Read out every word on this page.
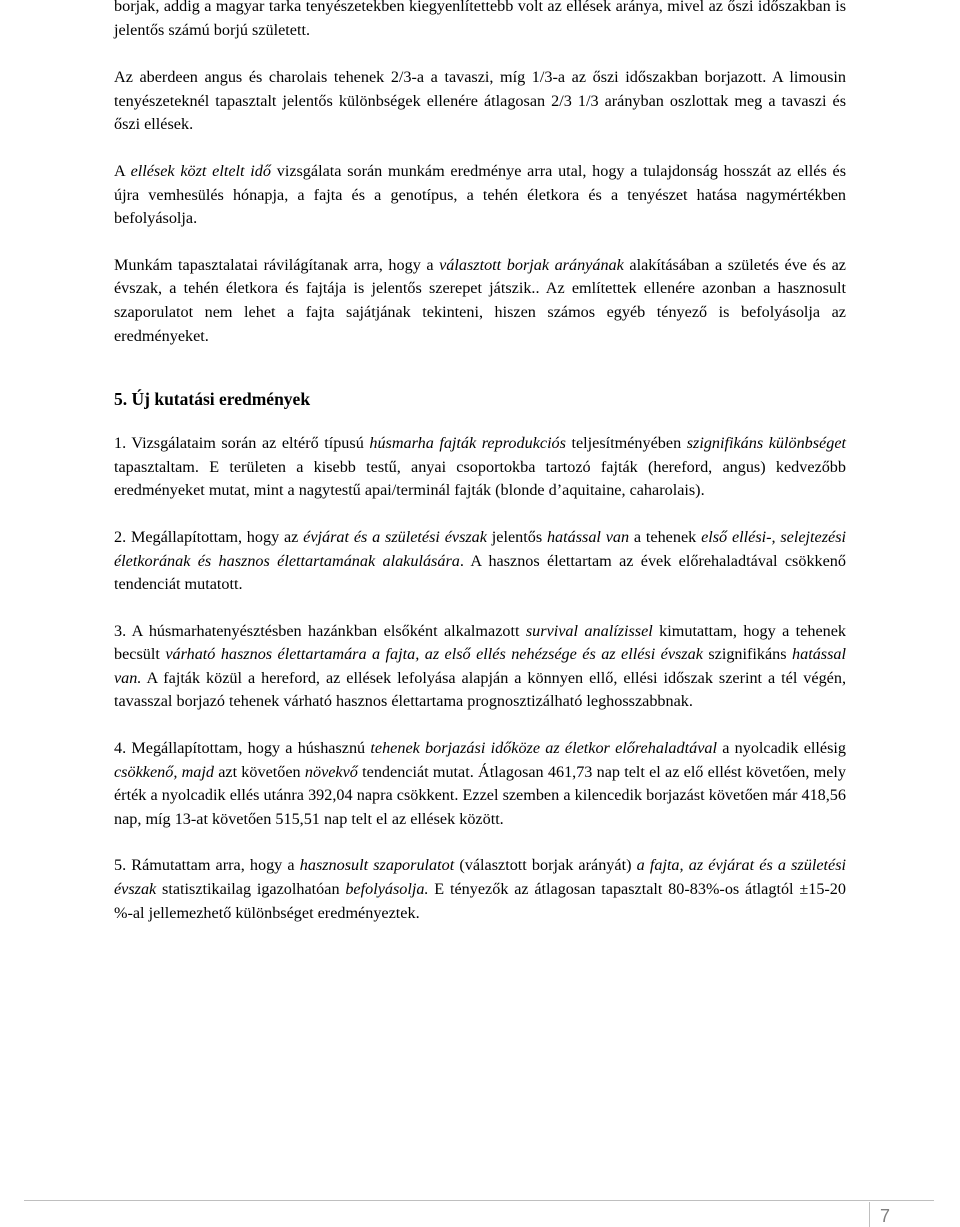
borjak, addig a magyar tarka tenyészetekben kiegyenlítettebb volt az ellések aránya, mivel az őszi időszakban is jelentős számú borjú született.

Az aberdeen angus és charolais tehenek 2/3-a a tavaszi, míg 1/3-a az őszi időszakban borjazott. A limousin tenyészeteknél tapasztalt jelentős különbségek ellenére átlagosan 2/3 1/3 arányban oszlottak meg a tavaszi és őszi ellések.

A ellések közt eltelt idő vizsgálata során munkám eredménye arra utal, hogy a tulajdonság hosszát az ellés és újra vemhesülés hónapja, a fajta és a genotípus, a tehén életkora és a tenyészet hatása nagymértékben befolyásolja.

Munkám tapasztalatai rávilágítanak arra, hogy a választott borjak arányának alakításában a születés éve és az évszak, a tehén életkora és fajtája is jelentős szerepet játszik.. Az említettek ellenére azonban a hasznosult szaporulatot nem lehet a fajta sajátjának tekinteni, hiszen számos egyéb tényező is befolyásolja az eredményeket.

5. Új kutatási eredmények

1. Vizsgálataim során az eltérő típusú húsmarha fajták reprodukciós teljesítményében szignifikáns különbséget tapasztaltam. E területen a kisebb testű, anyai csoportokba tartozó fajták (hereford, angus) kedvezőbb eredményeket mutat, mint a nagytestű apai/terminál fajták (blonde d’aquitaine, caharolais).

2. Megállapítottam, hogy az évjárat és a születési évszak jelentős hatással van a tehenek első ellési-, selejtezési életkorának és hasznos élettartamának alakulására. A hasznos élettartam az évek előrehaladtával csökkenő tendenciát mutatott.

3. A húsmarhatenyésztésben hazánkban elsőként alkalmazott survival analízissel kimutattam, hogy a tehenek becsült várható hasznos élettartamára a fajta, az első ellés nehézsége és az ellési évszak szignifikáns hatással van. A fajták közül a hereford, az ellések lefolyása alapján a könnyen ellő, ellési időszak szerint a tél végén, tavasszal borjazó tehenek várható hasznos élettartama prognosztizálható leghosszabbnak.

4. Megállapítottam, hogy a húshasznú tehenek borjazási időköze az életkor előrehaladtával a nyolcadik ellésig csökkenő, majd azt követően növekvő tendenciát mutat. Átlagosan 461,73 nap telt el az elő ellést követően, mely érték a nyolcadik ellés utánra 392,04 napra csökkent. Ezzel szemben a kilencedik borjazást követően már 418,56 nap, míg 13-at követően 515,51 nap telt el az ellések között.

5. Rámutattam arra, hogy a hasznosult szaporulatot (választott borjak arányát) a fajta, az évjárat és a születési évszak statisztikailag igazolhatóan befolyásolja. E tényezők az átlagosan tapasztalt 80-83%-os átlagtól ±15-20 %-al jellemezhető különbséget eredményeztek.

7
